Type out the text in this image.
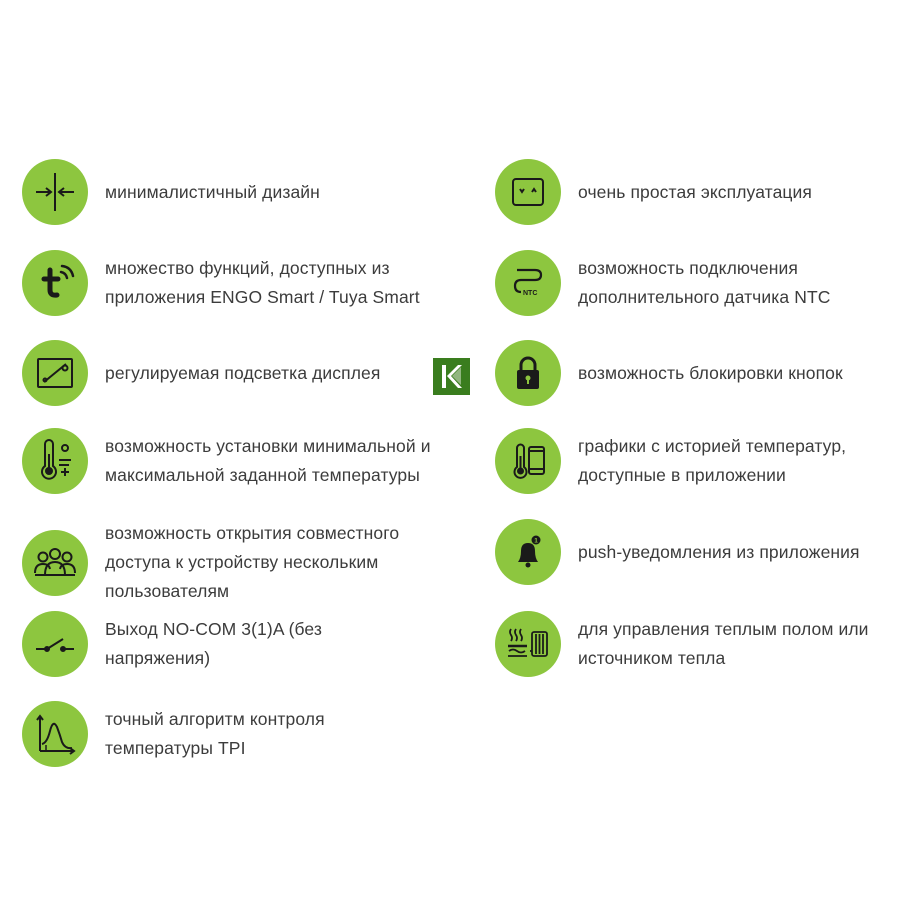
минималистичный дизайн
множество функций, доступных из приложения ENGO Smart / Tuya Smart
регулируемая подсветка дисплея
возможность установки минимальной и максимальной заданной температуры
возможность открытия совместного доступа к устройству нескольким пользователям
Выход NO-COM 3(1)A (без напряжения)
точный алгоритм контроля температуры TPI
очень простая эксплуатация
NTC
возможность подключения дополнительного датчика NTC
возможность блокировки кнопок
графики с историей температур, доступные в приложении
1
push-уведомления из приложения
для управления теплым полом или источником тепла
